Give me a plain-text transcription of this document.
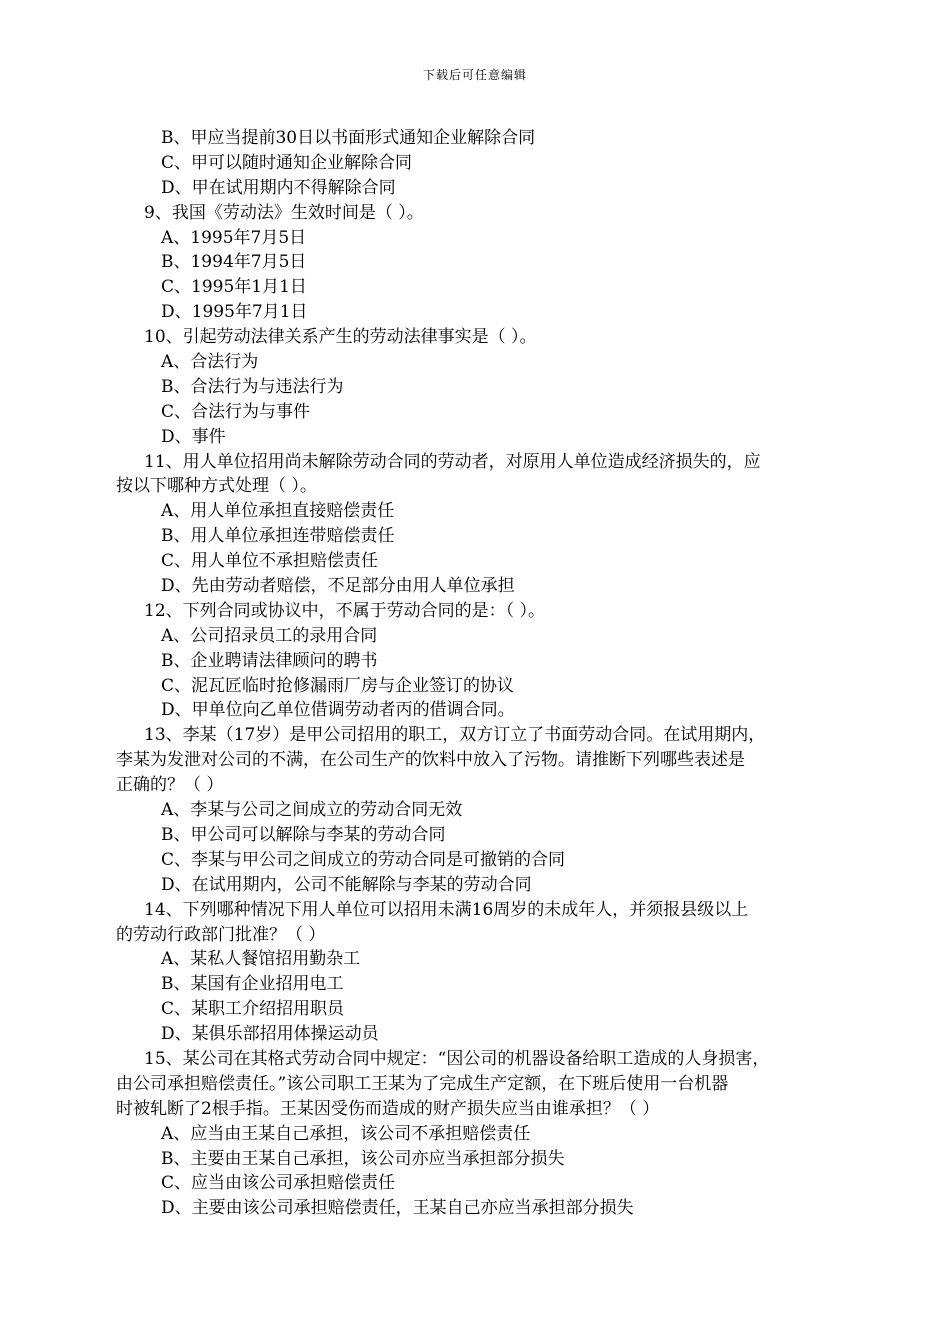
下载后可任意编辑
B、甲应当提前30日以书面形式通知企业解除合同
C、甲可以随时通知企业解除合同
D、甲在试用期内不得解除合同
9、我国《劳动法》生效时间是（ ）。
A、1995年7月5日
B、1994年7月5日
C、1995年1月1日
D、1995年7月1日
10、引起劳动法律关系产生的劳动法律事实是（ ）。
A、合法行为
B、合法行为与违法行为
C、合法行为与事件
D、事件
11、用人单位招用尚未解除劳动合同的劳动者，对原用人单位造成经济损失的，应
按以下哪种方式处理（ ）。
A、用人单位承担直接赔偿责任
B、用人单位承担连带赔偿责任
C、用人单位不承担赔偿责任
D、先由劳动者赔偿，不足部分由用人单位承担
12、下列合同或协议中，不属于劳动合同的是：（ ）。
A、公司招录员工的录用合同
B、企业聘请法律顾问的聘书
C、泥瓦匠临时抢修漏雨厂房与企业签订的协议
D、甲单位向乙单位借调劳动者丙的借调合同。
13、李某（17岁）是甲公司招用的职工，双方订立了书面劳动合同。在试用期内，
李某为发泄对公司的不满，在公司生产的饮料中放入了污物。请推断下列哪些表述是
正确的？（ ）
A、李某与公司之间成立的劳动合同无效
B、甲公司可以解除与李某的劳动合同
C、李某与甲公司之间成立的劳动合同是可撤销的合同
D、在试用期内，公司不能解除与李某的劳动合同
14、下列哪种情况下用人单位可以招用未满16周岁的未成年人，并须报县级以上
的劳动行政部门批准？（ ）
A、某私人餐馆招用勤杂工
B、某国有企业招用电工
C、某职工介绍招用职员
D、某俱乐部招用体操运动员
15、某公司在其格式劳动合同中规定：“因公司的机器设备给职工造成的人身损害，
由公司承担赔偿责任。”该公司职工王某为了完成生产定额，在下班后使用一台机器
时被轧断了2根手指。王某因受伤而造成的财产损失应当由谁承担？（ ）
A、应当由王某自己承担，该公司不承担赔偿责任
B、主要由王某自己承担，该公司亦应当承担部分损失
C、应当由该公司承担赔偿责任
D、主要由该公司承担赔偿责任，王某自己亦应当承担部分损失
